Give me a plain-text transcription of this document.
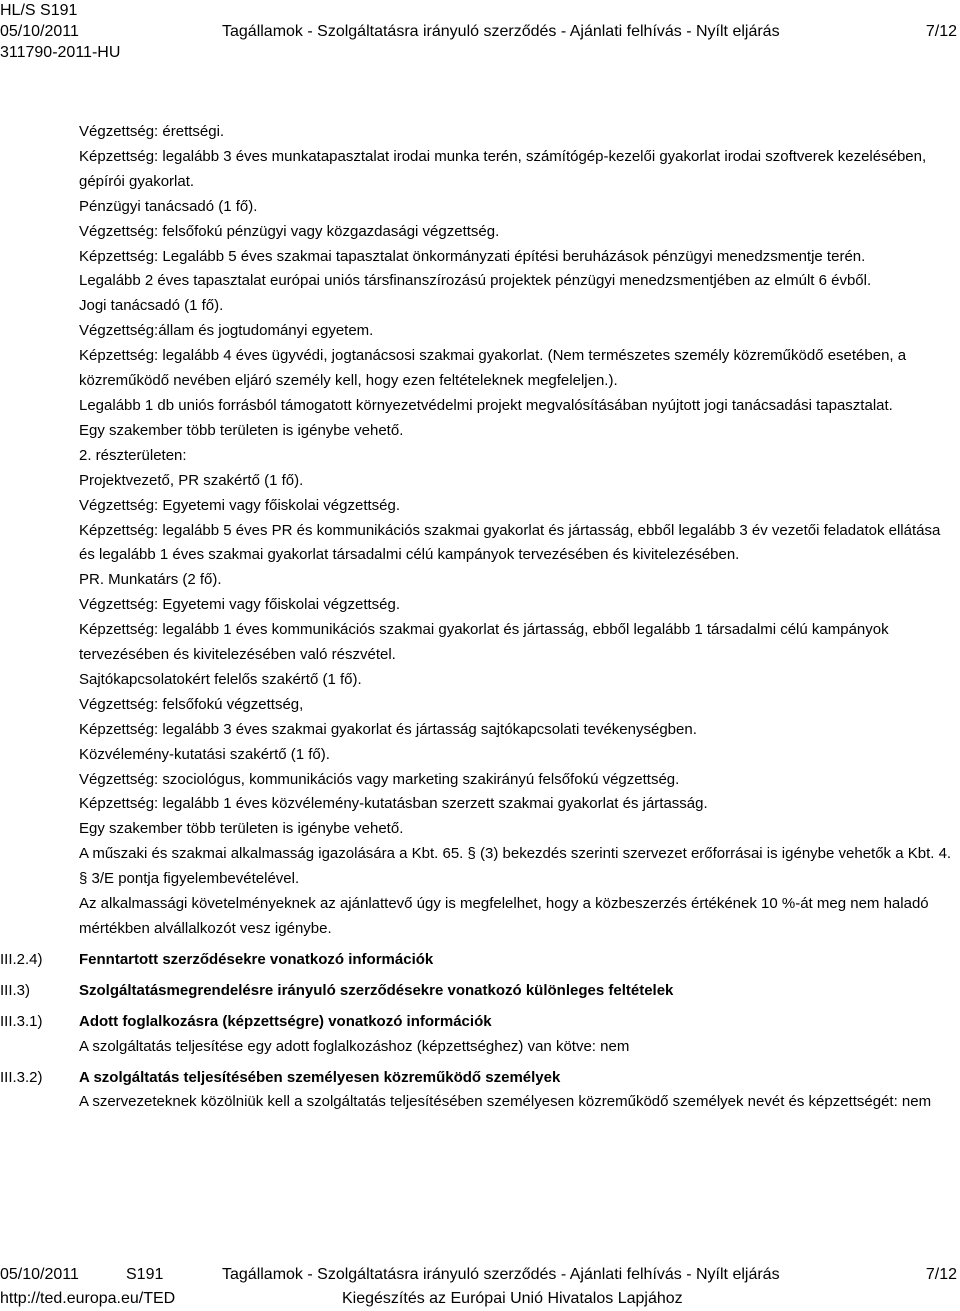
HL/S S191
05/10/2011
311790-2011-HU
Tagállamok - Szolgáltatásra irányuló szerződés - Ajánlati felhívás - Nyílt eljárás	7/12

Végzettség: érettségi.

Képzettség: legalább 3 éves munkatapasztalat irodai munka terén, számítógép-kezelői gyakorlat irodai szoftverek kezelésében, gépírói gyakorlat.

Pénzügyi tanácsadó (1 fő).

Végzettség: felsőfokú pénzügyi vagy közgazdasági végzettség.

Képzettség: Legalább 5 éves szakmai tapasztalat önkormányzati építési beruházások pénzügyi menedzsmentje terén.

Legalább 2 éves tapasztalat európai uniós társfinanszírozású projektek pénzügyi menedzsmentjében az elmúlt 6 évből.

Jogi tanácsadó (1 fő).

Végzettség:állam és jogtudományi egyetem.

Képzettség: legalább 4 éves ügyvédi, jogtanácsosi szakmai gyakorlat. (Nem természetes személy közreműködő esetében, a közreműködő nevében eljáró személy kell, hogy ezen feltételeknek megfeleljen.).

Legalább 1 db uniós forrásból támogatott környezetvédelmi projekt megvalósításában nyújtott jogi tanácsadási tapasztalat.

Egy szakember több területen is igénybe vehető.

2. részterületen:

Projektvezető, PR szakértő (1 fő).

Végzettség: Egyetemi vagy főiskolai végzettség.

Képzettség: legalább 5 éves PR és kommunikációs szakmai gyakorlat és jártasság, ebből legalább 3 év vezetői feladatok ellátása és legalább 1 éves szakmai gyakorlat társadalmi célú kampányok tervezésében és kivitelezésében.

PR. Munkatárs (2 fő).

Végzettség: Egyetemi vagy főiskolai végzettség.

Képzettség: legalább 1 éves kommunikációs szakmai gyakorlat és jártasság, ebből legalább 1 társadalmi célú kampányok tervezésében és kivitelezésében való részvétel.

Sajtókapcsolatokért felelős szakértő (1 fő).

Végzettség: felsőfokú végzettség,

Képzettség: legalább 3 éves szakmai gyakorlat és jártasság sajtókapcsolati tevékenységben.

Közvélemény-kutatási szakértő (1 fő).

Végzettség: szociológus, kommunikációs vagy marketing szakirányú felsőfokú végzettség.

Képzettség: legalább 1 éves közvélemény-kutatásban szerzett szakmai gyakorlat és jártasság.

Egy szakember több területen is igénybe vehető.

A műszaki és szakmai alkalmasság igazolására a Kbt. 65. § (3) bekezdés szerinti szervezet erőforrásai is igénybe vehetők a Kbt. 4. § 3/E pontja figyelembevételével.

Az alkalmassági követelményeknek az ajánlattevő úgy is megfelelhet, hogy a közbeszerzés értékének 10 %-át meg nem haladó mértékben alvállalkozót vesz igénybe.

III.2.4)	Fenntartott szerződésekre vonatkozó információk

III.3)	Szolgáltatásmegrendelésre irányuló szerződésekre vonatkozó különleges feltételek

III.3.1)	Adott foglalkozásra (képzettségre) vonatkozó információk

A szolgáltatás teljesítése egy adott foglalkozáshoz (képzettséghez) van kötve: nem

III.3.2)	A szolgáltatás teljesítésében személyesen közreműködő személyek

A szervezeteknek közölniük kell a szolgáltatás teljesítésében személyesen közreműködő személyek nevét és képzettségét: nem

05/10/2011	S191	Tagállamok - Szolgáltatásra irányuló szerződés - Ajánlati felhívás - Nyílt eljárás	7/12
http://ted.europa.eu/TED	Kiegészítés az Európai Unió Hivatalos Lapjához
